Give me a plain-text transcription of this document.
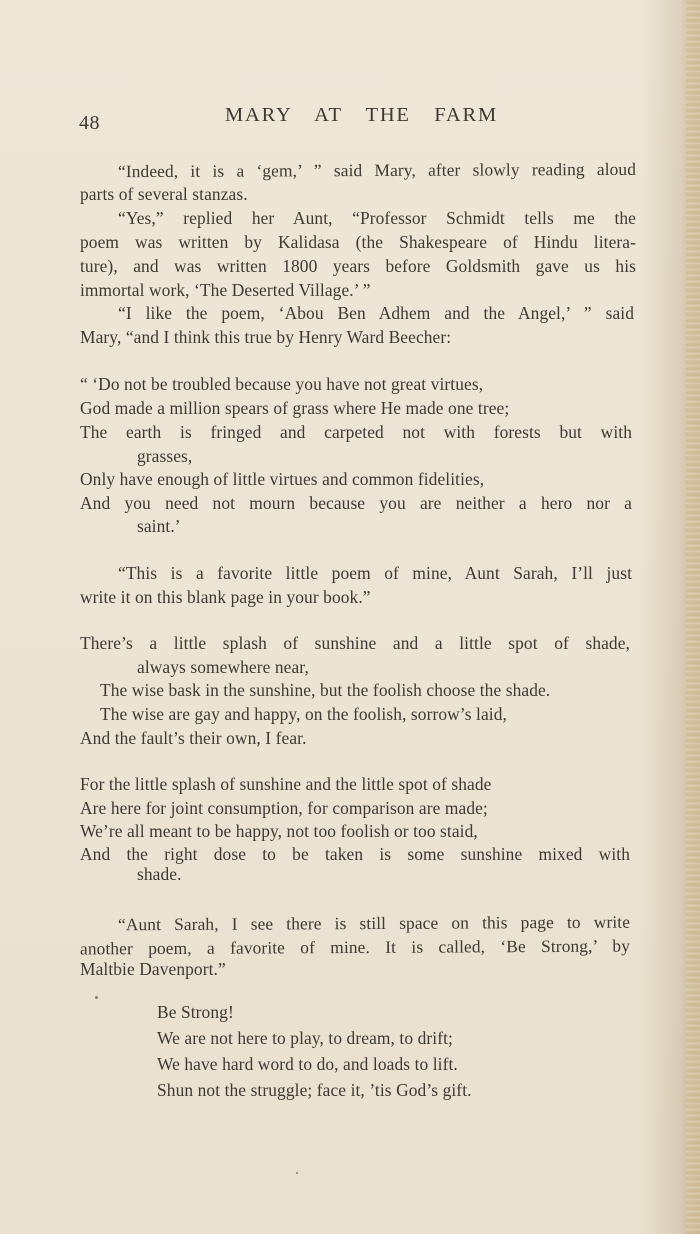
48	MARY AT THE FARM
“Indeed, it is a ‘gem,’ ” said Mary, after slowly reading aloud
parts of several stanzas.
“Yes,” replied her Aunt, “Professor Schmidt tells me the
poem was written by Kalidasa (the Shakespeare of Hindu litera-
ture), and was written 1800 years before Goldsmith gave us his
immortal work, ‘The Deserted Village.’ ”
“I like the poem, ‘Abou Ben Adhem and the Angel,’ ” said
Mary, “and I think this true by Henry Ward Beecher:
“ ‘Do not be troubled because you have not great virtues,
God made a million spears of grass where He made one tree;
The earth is fringed and carpeted not with forests but with
grasses,
Only have enough of little virtues and common fidelities,
And you need not mourn because you are neither a hero nor a
saint.’
“This is a favorite little poem of mine, Aunt Sarah, I’ll just
write it on this blank page in your book.”
There’s a little splash of sunshine and a little spot of shade,
always somewhere near,
The wise bask in the sunshine, but the foolish choose the shade.
The wise are gay and happy, on the foolish, sorrow’s laid,
And the fault’s their own, I fear.
For the little splash of sunshine and the little spot of shade
Are here for joint consumption, for comparison are made;
We’re all meant to be happy, not too foolish or too staid,
And the right dose to be taken is some sunshine mixed with
shade.
“Aunt Sarah, I see there is still space on this page to write
another poem, a favorite of mine. It is called, ‘Be Strong,’ by
Maltbie Davenport.”
Be Strong!
We are not here to play, to dream, to drift;
We have hard word to do, and loads to lift.
Shun not the struggle; face it, ’tis God’s gift.
